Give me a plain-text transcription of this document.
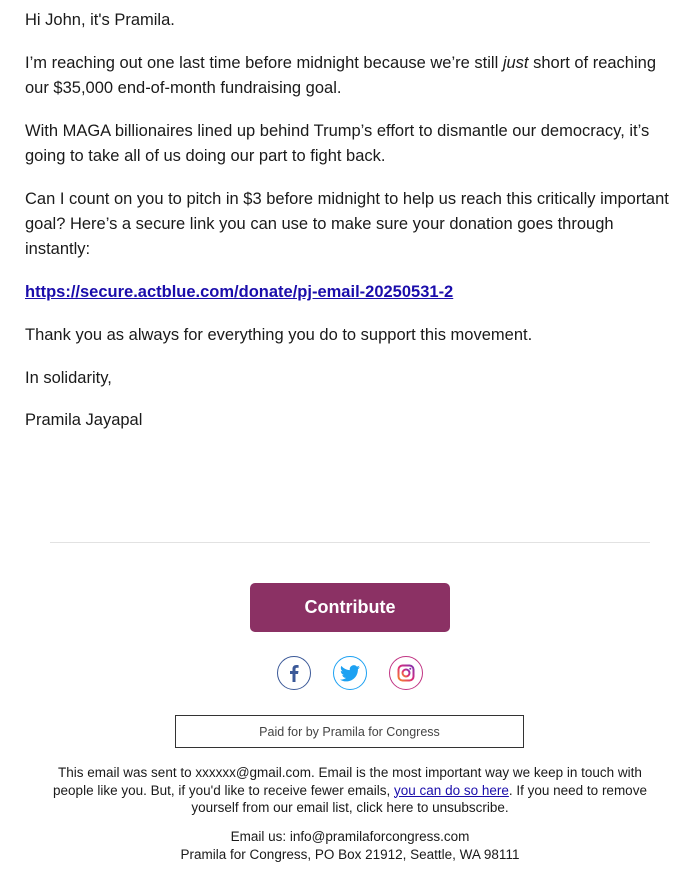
Hi John, it's Pramila.

I’m reaching out one last time before midnight because we’re still just short of reaching our $35,000 end-of-month fundraising goal.

With MAGA billionaires lined up behind Trump’s effort to dismantle our democracy, it’s going to take all of us doing our part to fight back.

Can I count on you to pitch in $3 before midnight to help us reach this critically important goal? Here’s a secure link you can use to make sure your donation goes through instantly:

https://secure.actblue.com/donate/pj-email-20250531-2

Thank you as always for everything you do to support this movement.

In solidarity,

Pramila Jayapal

Contribute
Paid for by Pramila for Congress
This email was sent to xxxxxx@gmail.com. Email is the most important way we keep in touch with people like you. But, if you'd like to receive fewer emails, you can do so here. If you need to remove yourself from our email list, click here to unsubscribe.
Email us: info@pramilaforcongress.com
Pramila for Congress, PO Box 21912, Seattle, WA 98111
